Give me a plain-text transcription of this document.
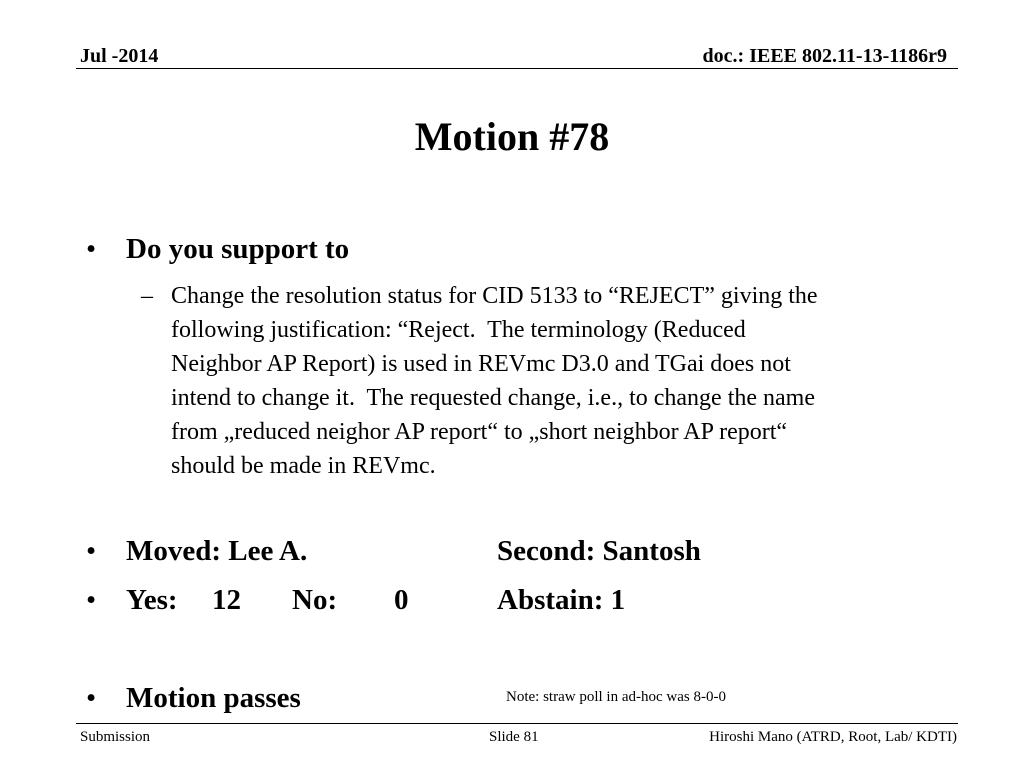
Jul -2014	doc.: IEEE 802.11-13-1186r9
Motion #78
• Do you support to
– Change the resolution status for CID 5133 to “REJECT” giving the
following justification: “Reject.  The terminology (Reduced
Neighbor AP Report) is used in REVmc D3.0 and TGai does not
intend to change it.  The requested change, i.e., to change the name
from „reduced neighor AP report“ to „short neighbor AP report“
should be made in REVmc.
• Moved: Lee A.	Second: Santosh
• Yes: 12 No: 0	Abstain: 1
• Motion passes	Note: straw poll in ad-hoc was 8-0-0
Submission	Slide 81	Hiroshi Mano (ATRD, Root, Lab/ KDTI)
